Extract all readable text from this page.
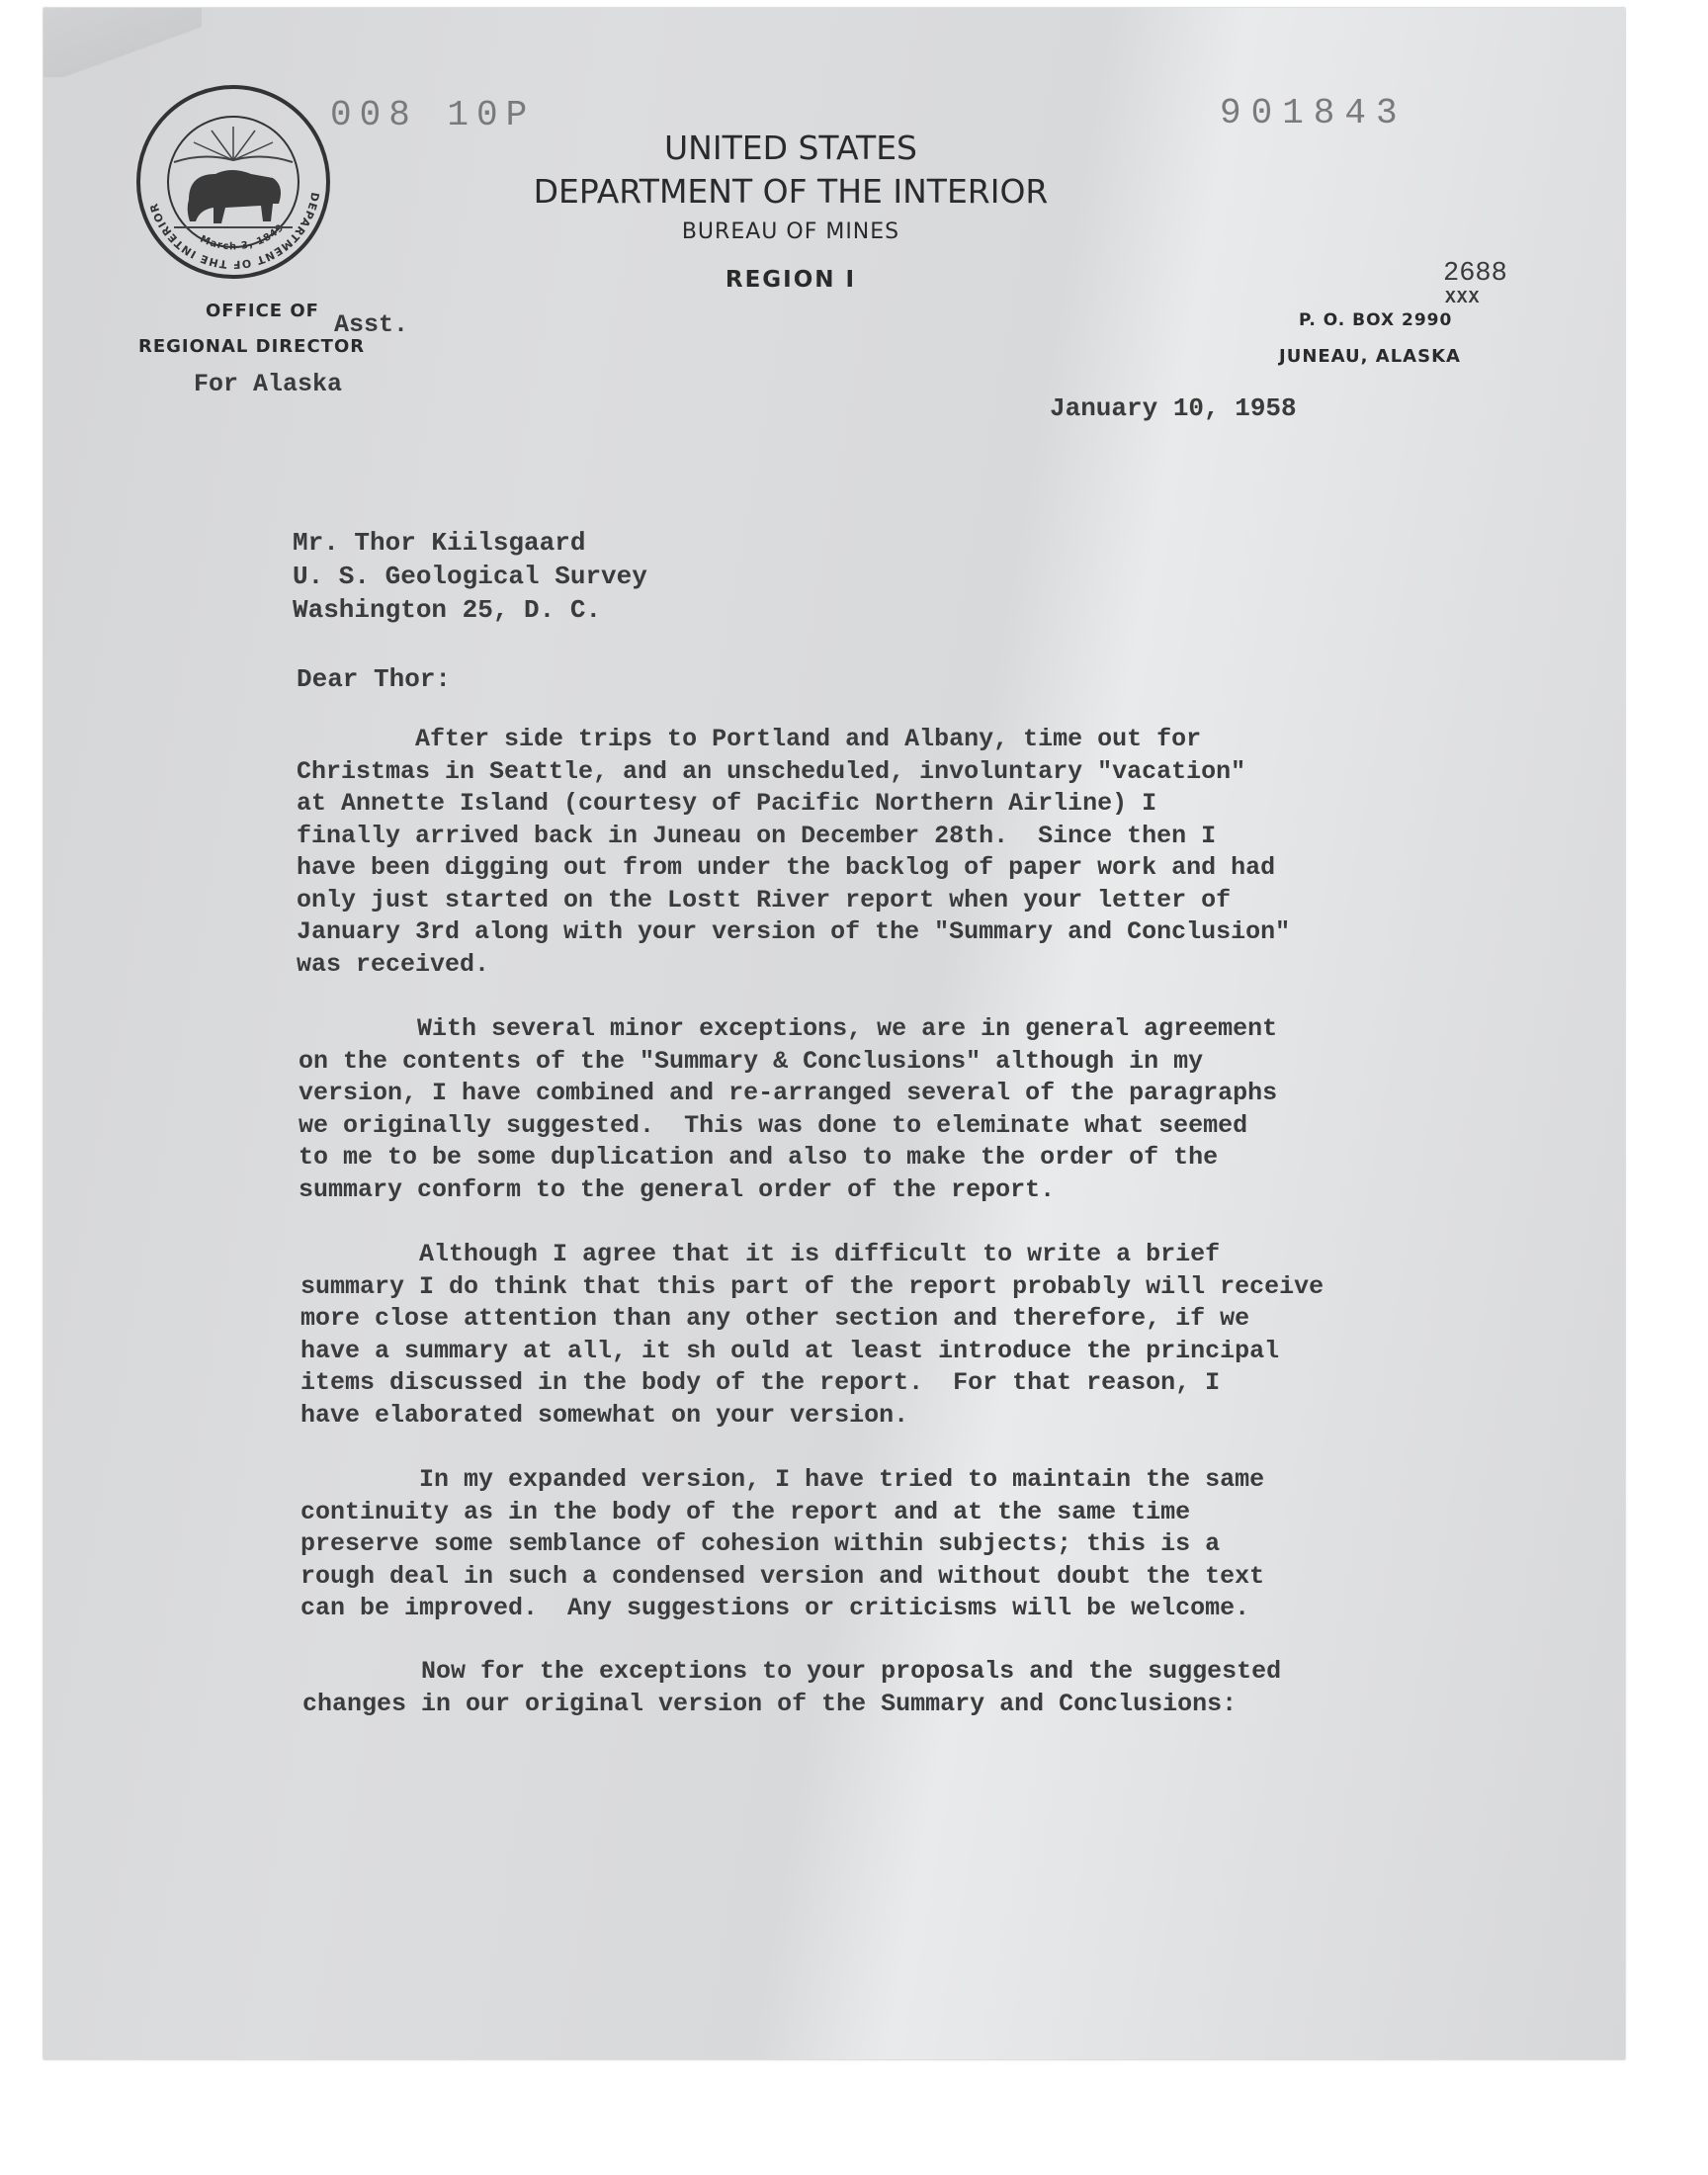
DEPARTMENT OF THE INTERIOR
March 3, 1849
008 10P	901843
UNITED STATES
DEPARTMENT OF THE INTERIOR
BUREAU OF MINES
REGION I
OFFICE OF Asst.
REGIONAL DIRECTOR
For Alaska
2688
XXX
P. O. BOX 2990
JUNEAU, ALASKA
January 10, 1958
Mr. Thor Kiilsgaard
U. S. Geological Survey
Washington 25, D. C.
Dear Thor:

After side trips to Portland and Albany, time out for

Christmas in Seattle, and an unscheduled, involuntary "vacation"

at Annette Island (courtesy of Pacific Northern Airline) I

finally arrived back in Juneau on December 28th.  Since then I

have been digging out from under the backlog of paper work and had

only just started on the Lostt River report when your letter of

January 3rd along with your version of the "Summary and Conclusion"

was received.

With several minor exceptions, we are in general agreement

on the contents of the "Summary & Conclusions" although in my

version, I have combined and re-arranged several of the paragraphs

we originally suggested.  This was done to eleminate what seemed

to me to be some duplication and also to make the order of the

summary conform to the general order of the report.

Although I agree that it is difficult to write a brief

summary I do think that this part of the report probably will receive

more close attention than any other section and therefore, if we

have a summary at all, it sh ould at least introduce the principal

items discussed in the body of the report.  For that reason, I

have elaborated somewhat on your version.

In my expanded version, I have tried to maintain the same

continuity as in the body of the report and at the same time

preserve some semblance of cohesion within subjects; this is a

rough deal in such a condensed version and without doubt the text

can be improved.  Any suggestions or criticisms will be welcome.

Now for the exceptions to your proposals and the suggested

changes in our original version of the Summary and Conclusions:
